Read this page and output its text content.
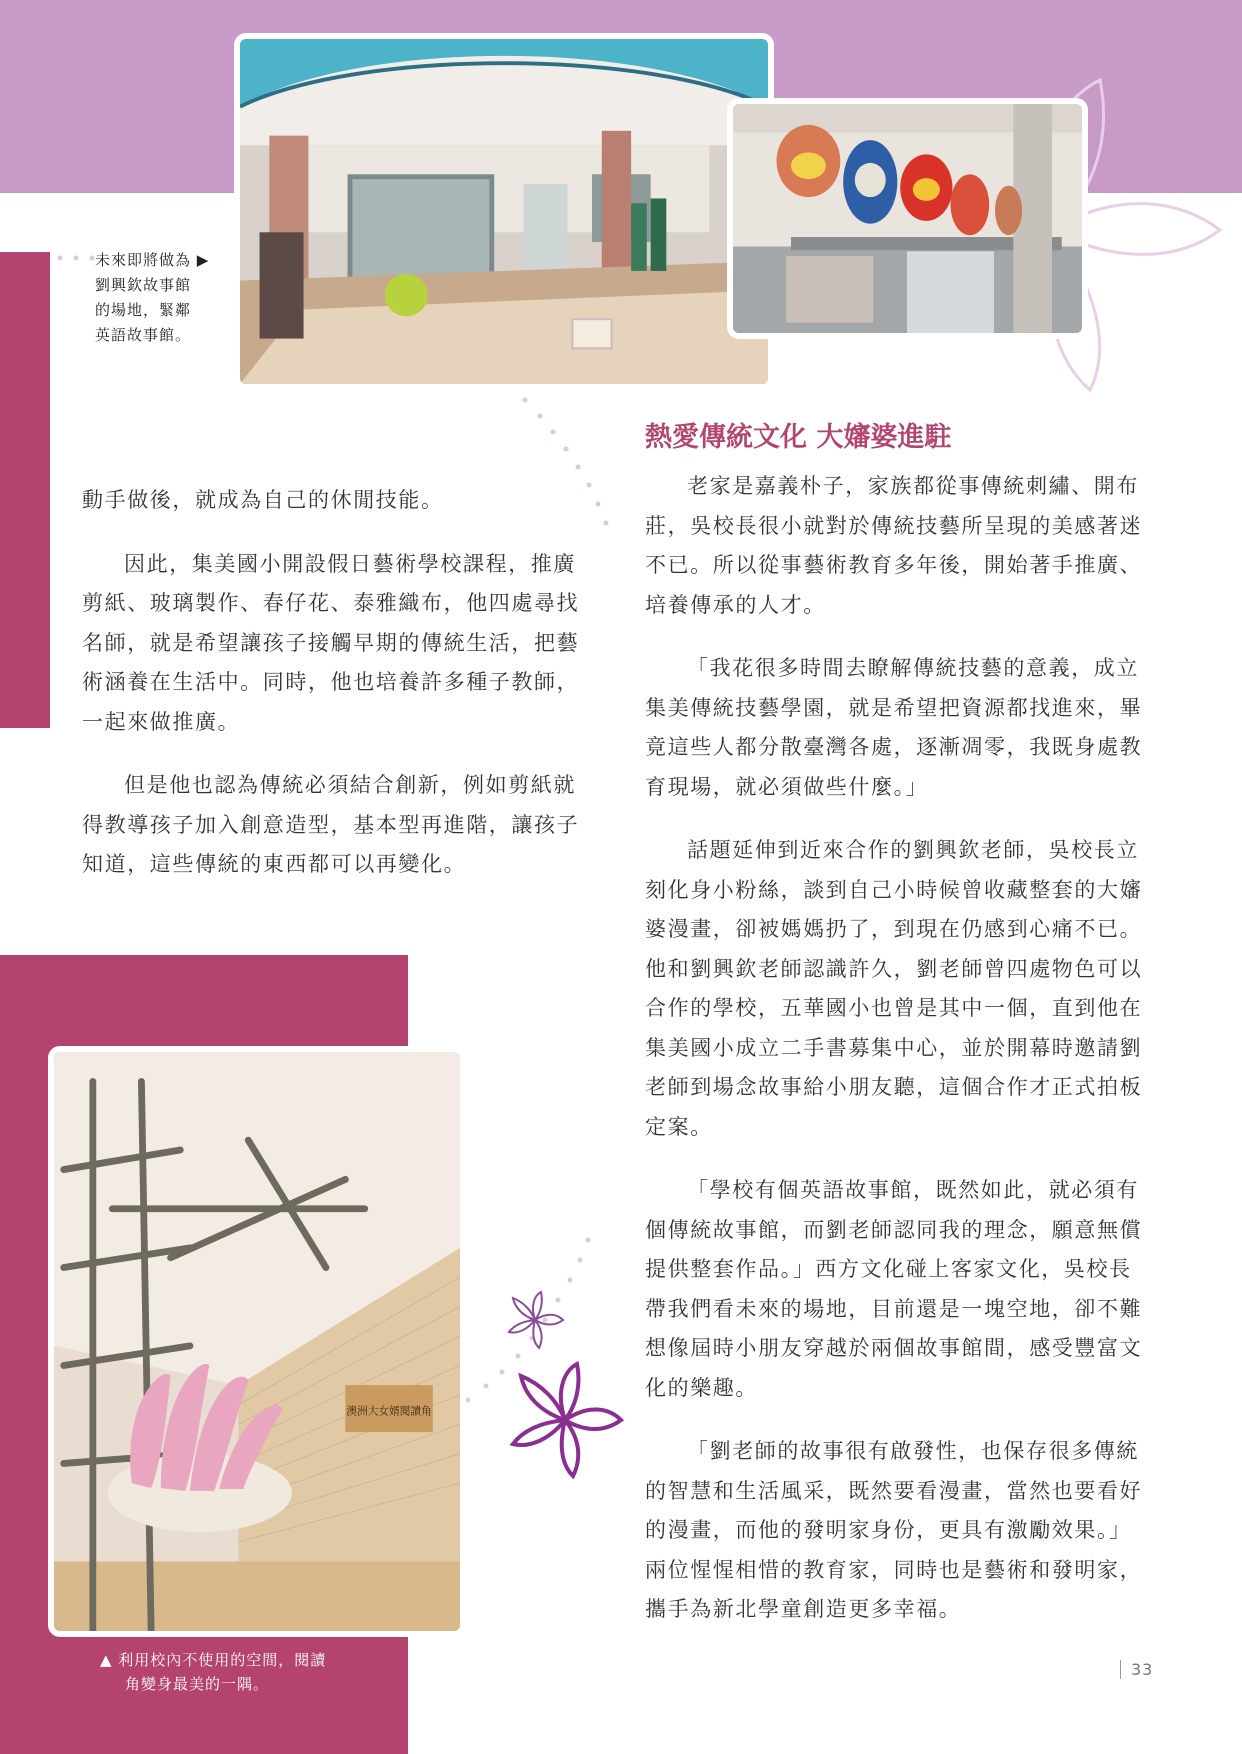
澳洲大女婿閱讀角
未來即將做為 ▶
劉興欽故事館
的場地，緊鄰
英語故事館。
熱愛傳統文化 大嬸婆進駐

動手做後，就成為自己的休閒技能。

因此，集美國小開設假日藝術學校課程，推廣剪紙、玻璃製作、春仔花、泰雅織布，他四處尋找名師，就是希望讓孩子接觸早期的傳統生活，把藝術涵養在生活中。同時，他也培養許多種子教師，一起來做推廣。

但是他也認為傳統必須結合創新，例如剪紙就得教導孩子加入創意造型，基本型再進階，讓孩子知道，這些傳統的東西都可以再變化。

老家是嘉義朴子，家族都從事傳統刺繡、開布莊，吳校長很小就對於傳統技藝所呈現的美感著迷不已。所以從事藝術教育多年後，開始著手推廣、培養傳承的人才。

「我花很多時間去瞭解傳統技藝的意義，成立集美傳統技藝學園，就是希望把資源都找進來，畢竟這些人都分散臺灣各處，逐漸凋零，我既身處教育現場，就必須做些什麼。」

話題延伸到近來合作的劉興欽老師，吳校長立刻化身小粉絲，談到自己小時候曾收藏整套的大嬸婆漫畫，卻被媽媽扔了，到現在仍感到心痛不已。他和劉興欽老師認識許久，劉老師曾四處物色可以合作的學校，五華國小也曾是其中一個，直到他在集美國小成立二手書募集中心，並於開幕時邀請劉老師到場念故事給小朋友聽，這個合作才正式拍板定案。

「學校有個英語故事館，既然如此，就必須有個傳統故事館，而劉老師認同我的理念，願意無償提供整套作品。」西方文化碰上客家文化，吳校長帶我們看未來的場地，目前還是一塊空地，卻不難想像屆時小朋友穿越於兩個故事館間，感受豐富文化的樂趣。

「劉老師的故事很有啟發性，也保存很多傳統的智慧和生活風采，既然要看漫畫，當然也要看好的漫畫，而他的發明家身份，更具有激勵效果。」兩位惺惺相惜的教育家，同時也是藝術和發明家，攜手為新北學童創造更多幸福。

▲ 利用校內不使用的空間，閱讀
角變身最美的一隅。
33
